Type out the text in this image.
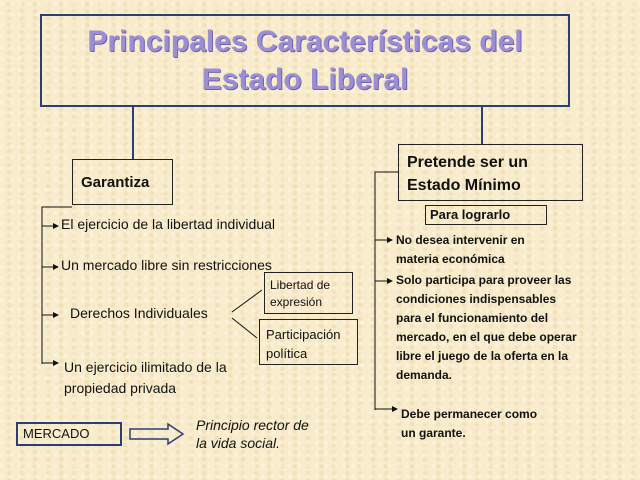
Principales Características del
Estado Liberal
Garantiza
Pretende ser un
Estado Mínimo
Para lograrlo
El ejercicio de la libertad individual
Un mercado libre sin restricciones
Derechos Individuales
Un ejercicio ilimitado de la
propiedad privada
Libertad de
expresión
Participación
política
No desea intervenir en
materia económica
Solo participa para proveer las
condiciones indispensables
para el funcionamiento del
mercado, en el que debe operar
libre el juego de la oferta en la
demanda.
Debe permanecer como
un garante.
MERCADO
Principio rector de
la vida social.
